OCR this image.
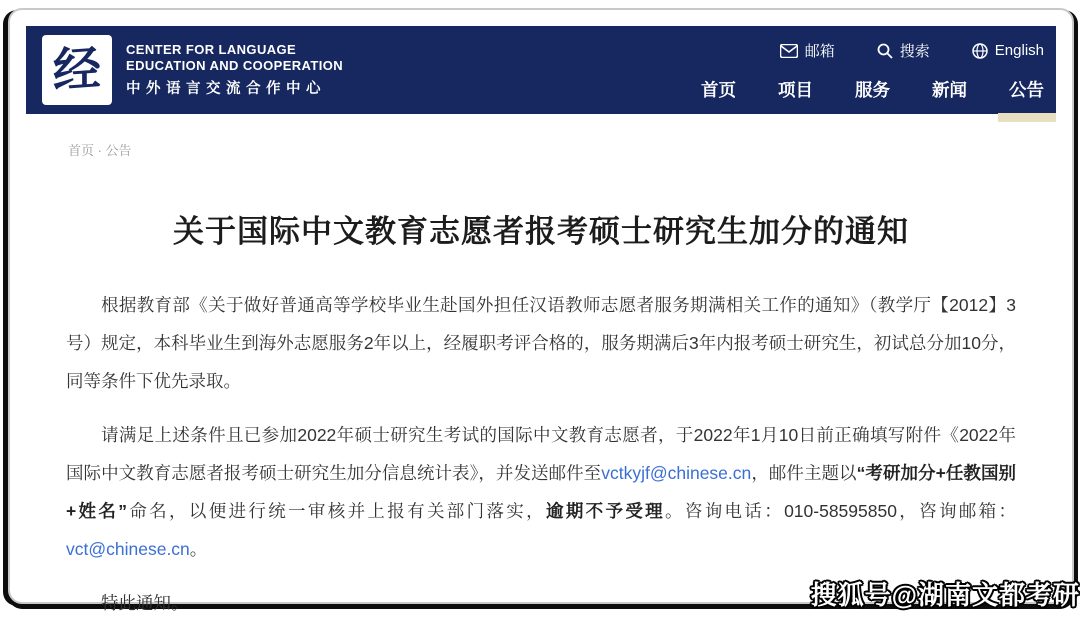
经 CENTER FOR LANGUAGE
EDUCATION AND COOPERATION
中外语言交流合作中心
邮箱	搜索	English
首页 项目 服务 新闻 公告
首页 · 公告
关于国际中文教育志愿者报考硕士研究生加分的通知

根据教育部《关于做好普通高等学校毕业生赴国外担任汉语教师志愿者服务期满相关工作的通知》（教学厅【2012】3号）规定，本科毕业生到海外志愿服务2年以上，经履职考评合格的，服务期满后3年内报考硕士研究生，初试总分加10分，同等条件下优先录取。

请满足上述条件且已参加2022年硕士研究生考试的国际中文教育志愿者，于2022年1月10日前正确填写附件《2022年国际中文教育志愿者报考硕士研究生加分信息统计表》，并发送邮件至vctkyjf@chinese.cn，邮件主题以“考研加分+任教国别+姓名”命名，以便进行统一审核并上报有关部门落实，逾期不予受理。咨询电话：010-58595850，咨询邮箱：vct@chinese.cn。

特此通知。	搜狐号@湖南文都考研
